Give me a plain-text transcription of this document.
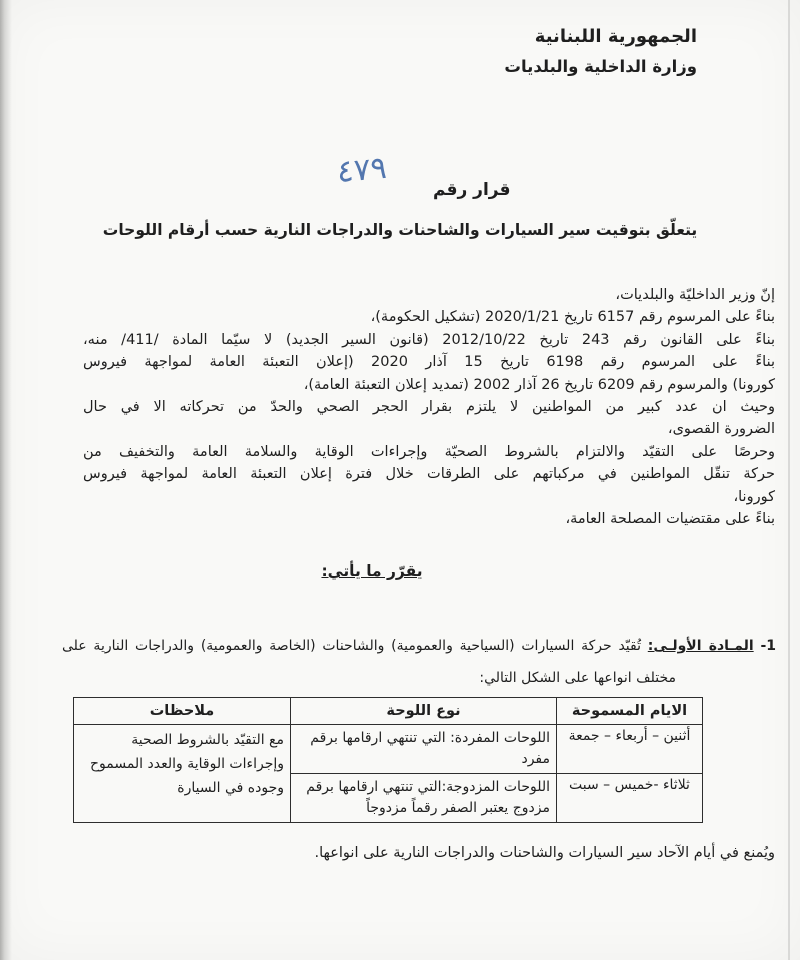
الجمهورية اللبنانية
وزارة الداخلية والبلديات
قرار رقم
٤٧٩
يتعلّق بتوقيت سير السيارات والشاحنات والدراجات النارية حسب أرقام اللوحات
إنّ وزير الداخليّة والبلديات،
بناءً على المرسوم رقم 6157 تاريخ 2020/1/21 (تشكيل الحكومة)،
بناءً على القانون رقم 243 تاريخ 2012/10/22 (قانون السير الجديد) لا سيّما المادة /411/ منه،
بناءً على المرسوم رقم 6198 تاريخ 15 آذار 2020 (إعلان التعبئة العامة لمواجهة فيروس
كورونا) والمرسوم رقم 6209 تاريخ 26 آذار 2002 (تمديد إعلان التعبئة العامة)،
وحيث ان عدد كبير من المواطنين لا يلتزم بقرار الحجر الصحي والحدّ من تحركاته الا في حال
الضرورة القصوى،
وحرصًا على التقيّد والالتزام بالشروط الصحيّة وإجراءات الوقاية والسلامة العامة والتخفيف من
حركة تنقّل المواطنين في مركباتهم على الطرقات خلال فترة إعلان التعبئة العامة لمواجهة فيروس
كورونا،
بناءً على مقتضيات المصلحة العامة،
يقرّر ما يأتي:
1- المـادة الأولـى: تُقيّد حركة السيارات (السياحية والعمومية) والشاحنات (الخاصة والعمومية) والدراجات النارية على
مختلف انواعها على الشكل التالي:
الايام المسموحة	نوع اللوحة	ملاحظات
أثنين – أربعاء – جمعة	اللوحات المفردة: التي تنتهي ارقامها برقم مفرد	مع التقيّد بالشروط الصحية وإجراءات الوقاية والعدد المسموح وجوده في السيارة
ثلاثاء -خميس – سبت	اللوحات المزدوجة:التي تنتهي ارقامها برقم مزدوج يعتبر الصفر رقماً مزدوجاً	
ويُمنع في أيام الآحاد سير السيارات والشاحنات والدراجات النارية على انواعها.
